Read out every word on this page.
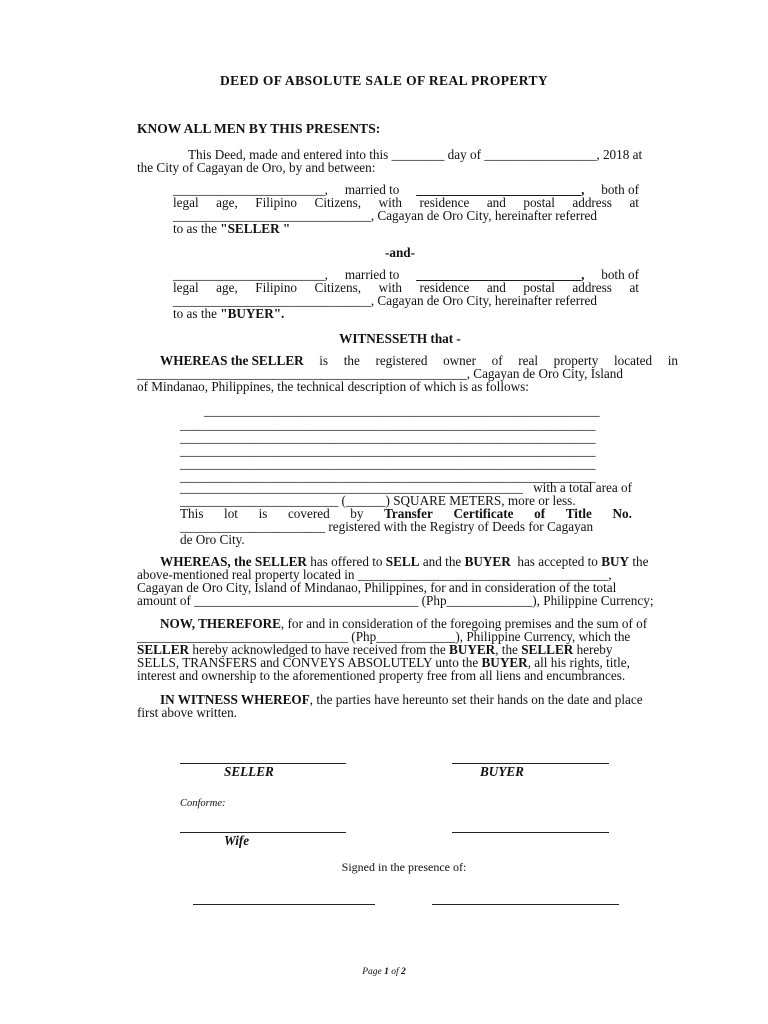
DEED OF ABSOLUTE SALE OF REAL PROPERTY
KNOW ALL MEN BY THIS PRESENTS:
This Deed, made and entered into this ________ day of _________________, 2018 at
the City of Cagayan de Oro, by and between:
_______________________, married to _________________________, both of
legal age, Filipino Citizens, with residence and postal address at
______________________________, Cagayan de Oro City, hereinafter referred
to as the "SELLER "
-and-
_______________________, married to _________________________, both of
legal age, Filipino Citizens, with residence and postal address at
______________________________, Cagayan de Oro City, hereinafter referred
to as the "BUYER".
WITNESSETH that -
WHEREAS the SELLER is the registered owner of real property located in
__________________________________________________, Cagayan de Oro City, Island
of Mindanao, Philippines, the technical description of which is as follows:
____________________________________________________________
_______________________________________________________________
_______________________________________________________________
_______________________________________________________________
_______________________________________________________________
_______________________________________________________________
____________________________________________________ with a total area of
________________________ (______) SQUARE METERS, more or less.
This lot is covered by Transfer Certificate of Title No.
______________________ registered with the Registry of Deeds for Cagayan
de Oro City.
WHEREAS, the SELLER has offered to SELL and the BUYER  has accepted to BUY the
above-mentioned real property located in ______________________________________,
Cagayan de Oro City, Island of Mindanao, Philippines, for and in consideration of the total
amount of __________________________________ (Php_____________), Philippine Currency;
NOW, THEREFORE, for and in consideration of the foregoing premises and the sum of of
________________________________ (Php____________), Philippine Currency, which the
SELLER hereby acknowledged to have received from the BUYER, the SELLER hereby
SELLS, TRANSFERS and CONVEYS ABSOLUTELY unto the BUYER, all his rights, title,
interest and ownership to the aforementioned property free from all liens and encumbrances.
IN WITNESS WHEREOF, the parties have hereunto set their hands on the date and place
first above written.
SELLER	BUYER
Conforme:
Wife
Signed in the presence of:
Page 1 of 2
